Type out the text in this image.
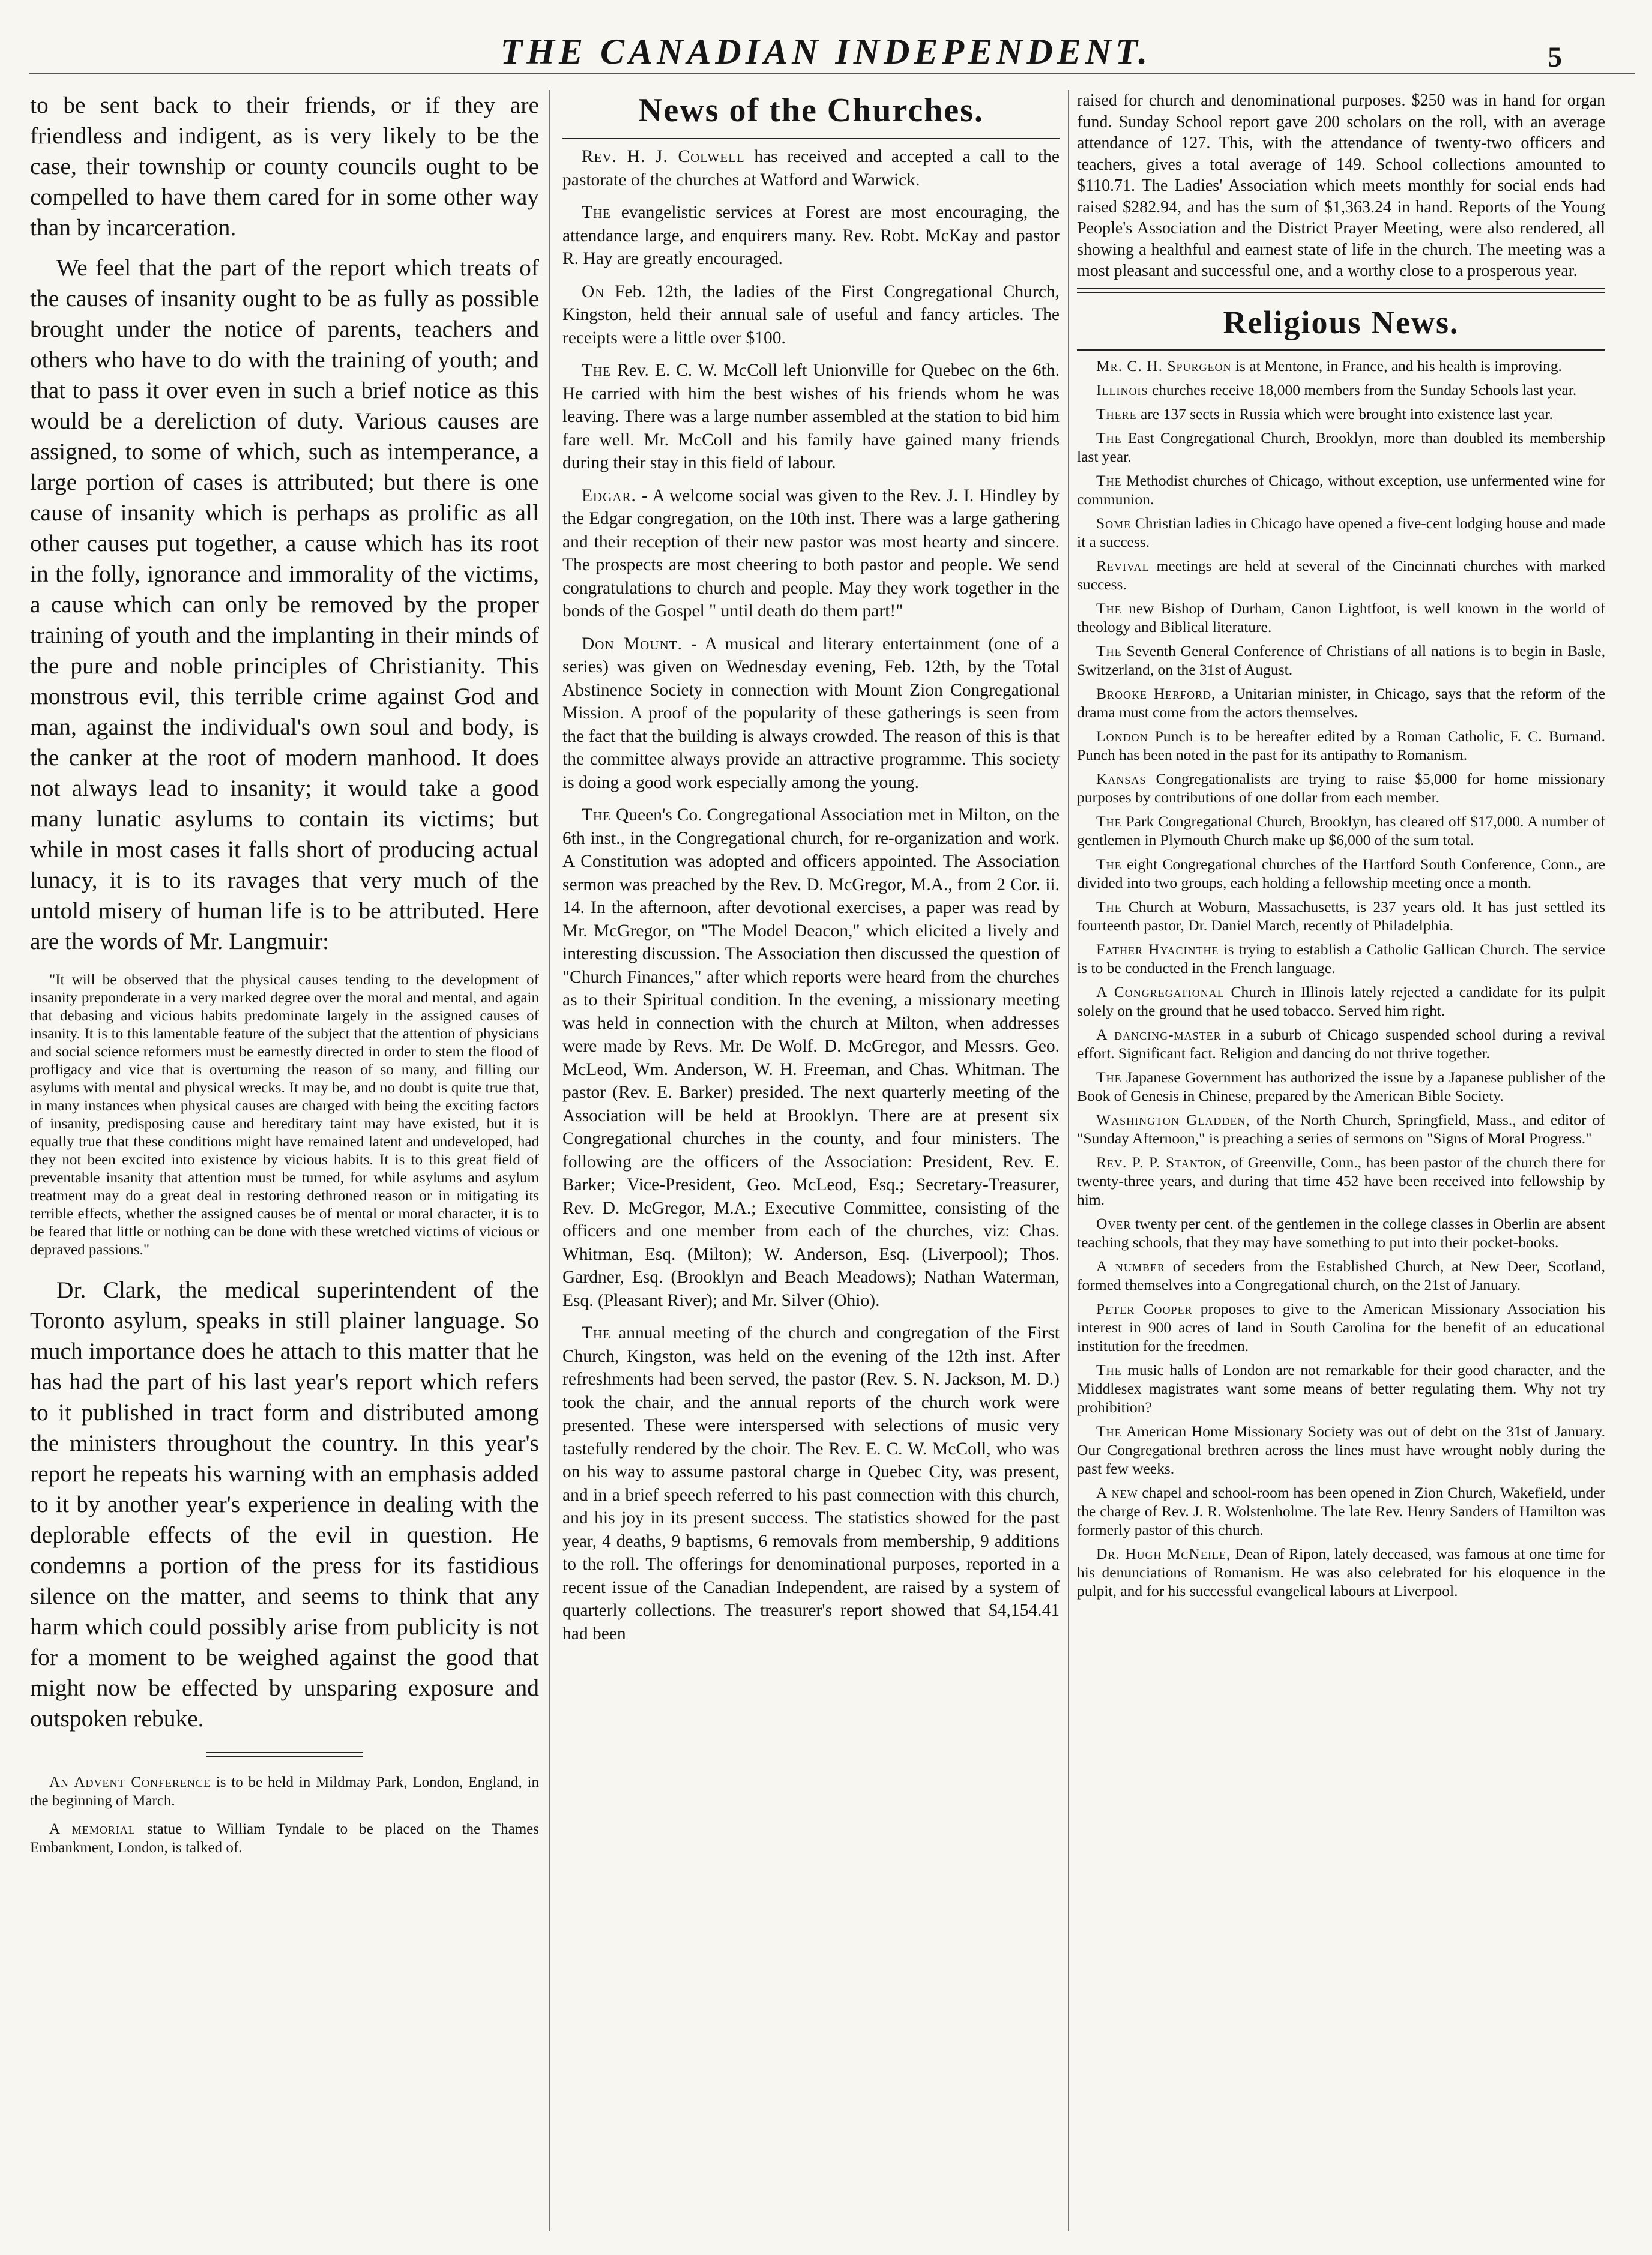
THE CANADIAN INDEPENDENT.	5

to be sent back to their friends, or if they are friendless and indigent, as is very likely to be the case, their township or county councils ought to be compelled to have them cared for in some other way than by incarceration.

We feel that the part of the report which treats of the causes of insanity ought to be as fully as possible brought under the notice of parents, teachers and others who have to do with the training of youth; and that to pass it over even in such a brief notice as this would be a dereliction of duty. Various causes are assigned, to some of which, such as intemperance, a large portion of cases is attributed; but there is one cause of insanity which is perhaps as prolific as all other causes put together, a cause which has its root in the folly, ignorance and immorality of the victims, a cause which can only be removed by the proper training of youth and the implanting in their minds of the pure and noble principles of Christianity. This monstrous evil, this terrible crime against God and man, against the individual's own soul and body, is the canker at the root of modern manhood. It does not always lead to insanity; it would take a good many lunatic asylums to contain its victims; but while in most cases it falls short of producing actual lunacy, it is to its ravages that very much of the untold misery of human life is to be attributed. Here are the words of Mr. Langmuir:

"It will be observed that the physical causes tending to the development of insanity preponderate in a very marked degree over the moral and mental, and again that debasing and vicious habits predominate largely in the assigned causes of insanity. It is to this lamentable feature of the subject that the attention of physicians and social science reformers must be earnestly directed in order to stem the flood of profligacy and vice that is overturning the reason of so many, and filling our asylums with mental and physical wrecks. It may be, and no doubt is quite true that, in many instances when physical causes are charged with being the exciting factors of insanity, predisposing cause and hereditary taint may have existed, but it is equally true that these conditions might have remained latent and undeveloped, had they not been excited into existence by vicious habits. It is to this great field of preventable insanity that attention must be turned, for while asylums and asylum treatment may do a great deal in restoring dethroned reason or in mitigating its terrible effects, whether the assigned causes be of mental or moral character, it is to be feared that little or nothing can be done with these wretched victims of vicious or depraved passions."

Dr. Clark, the medical superintendent of the Toronto asylum, speaks in still plainer language. So much importance does he attach to this matter that he has had the part of his last year's report which refers to it published in tract form and distributed among the ministers throughout the country. In this year's report he repeats his warning with an emphasis added to it by another year's experience in dealing with the deplorable effects of the evil in question. He condemns a portion of the press for its fastidious silence on the matter, and seems to think that any harm which could possibly arise from publicity is not for a moment to be weighed against the good that might now be effected by unsparing exposure and outspoken rebuke.

An Advent Conference is to be held in Mildmay Park, London, England, in the beginning of March.

A memorial statue to William Tyndale to be placed on the Thames Embankment, London, is talked of.

News of the Churches.

Rev. H. J. Colwell has received and accepted a call to the pastorate of the churches at Watford and Warwick.

The evangelistic services at Forest are most encouraging, the attendance large, and enquirers many. Rev. Robt. McKay and pastor R. Hay are greatly encouraged.

On Feb. 12th, the ladies of the First Congregational Church, Kingston, held their annual sale of useful and fancy articles. The receipts were a little over $100.

The Rev. E. C. W. McColl left Unionville for Quebec on the 6th. He carried with him the best wishes of his friends whom he was leaving. There was a large number assembled at the station to bid him fare well. Mr. McColl and his family have gained many friends during their stay in this field of labour.

Edgar. - A welcome social was given to the Rev. J. I. Hindley by the Edgar congregation, on the 10th inst. There was a large gathering and their reception of their new pastor was most hearty and sincere. The prospects are most cheering to both pastor and people. We send congratulations to church and people. May they work together in the bonds of the Gospel " until death do them part!"

Don Mount. - A musical and literary entertainment (one of a series) was given on Wednesday evening, Feb. 12th, by the Total Abstinence Society in connection with Mount Zion Congregational Mission. A proof of the popularity of these gatherings is seen from the fact that the building is always crowded. The reason of this is that the committee always provide an attractive programme. This society is doing a good work especially among the young.

The Queen's Co. Congregational Association met in Milton, on the 6th inst., in the Congregational church, for re-organization and work. A Constitution was adopted and officers appointed. The Association sermon was preached by the Rev. D. McGregor, M.A., from 2 Cor. ii. 14. In the afternoon, after devotional exercises, a paper was read by Mr. McGregor, on "The Model Deacon," which elicited a lively and interesting discussion. The Association then discussed the question of "Church Finances," after which reports were heard from the churches as to their Spiritual condition. In the evening, a missionary meeting was held in connection with the church at Milton, when addresses were made by Revs. Mr. De Wolf. D. McGregor, and Messrs. Geo. McLeod, Wm. Anderson, W. H. Freeman, and Chas. Whitman. The pastor (Rev. E. Barker) presided. The next quarterly meeting of the Association will be held at Brooklyn. There are at present six Congregational churches in the county, and four ministers. The following are the officers of the Association: President, Rev. E. Barker; Vice-President, Geo. McLeod, Esq.; Secretary-Treasurer, Rev. D. McGregor, M.A.; Executive Committee, consisting of the officers and one member from each of the churches, viz: Chas. Whitman, Esq. (Milton); W. Anderson, Esq. (Liverpool); Thos. Gardner, Esq. (Brooklyn and Beach Meadows); Nathan Waterman, Esq. (Pleasant River); and Mr. Silver (Ohio).

The annual meeting of the church and congregation of the First Church, Kingston, was held on the evening of the 12th inst. After refreshments had been served, the pastor (Rev. S. N. Jackson, M. D.) took the chair, and the annual reports of the church work were presented. These were interspersed with selections of music very tastefully rendered by the choir. The Rev. E. C. W. McColl, who was on his way to assume pastoral charge in Quebec City, was present, and in a brief speech referred to his past connection with this church, and his joy in its present success. The statistics showed for the past year, 4 deaths, 9 baptisms, 6 removals from membership, 9 additions to the roll. The offerings for denominational purposes, reported in a recent issue of the Canadian Independent, are raised by a system of quarterly collections. The treasurer's report showed that $4,154.41 had been

raised for church and denominational purposes. $250 was in hand for organ fund. Sunday School report gave 200 scholars on the roll, with an average attendance of 127. This, with the attendance of twenty-two officers and teachers, gives a total average of 149. School collections amounted to $110.71. The Ladies' Association which meets monthly for social ends had raised $282.94, and has the sum of $1,363.24 in hand. Reports of the Young People's Association and the District Prayer Meeting, were also rendered, all showing a healthful and earnest state of life in the church. The meeting was a most pleasant and successful one, and a worthy close to a prosperous year.

Religious News.

Mr. C. H. Spurgeon is at Mentone, in France, and his health is improving.

Illinois churches receive 18,000 members from the Sunday Schools last year.

There are 137 sects in Russia which were brought into existence last year.

The East Congregational Church, Brooklyn, more than doubled its membership last year.

The Methodist churches of Chicago, without exception, use unfermented wine for communion.

Some Christian ladies in Chicago have opened a five-cent lodging house and made it a success.

Revival meetings are held at several of the Cincinnati churches with marked success.

The new Bishop of Durham, Canon Lightfoot, is well known in the world of theology and Biblical literature.

The Seventh General Conference of Christians of all nations is to begin in Basle, Switzerland, on the 31st of August.

Brooke Herford, a Unitarian minister, in Chicago, says that the reform of the drama must come from the actors themselves.

London Punch is to be hereafter edited by a Roman Catholic, F. C. Burnand. Punch has been noted in the past for its antipathy to Romanism.

Kansas Congregationalists are trying to raise $5,000 for home missionary purposes by contributions of one dollar from each member.

The Park Congregational Church, Brooklyn, has cleared off $17,000. A number of gentlemen in Plymouth Church make up $6,000 of the sum total.

The eight Congregational churches of the Hartford South Conference, Conn., are divided into two groups, each holding a fellowship meeting once a month.

The Church at Woburn, Massachusetts, is 237 years old. It has just settled its fourteenth pastor, Dr. Daniel March, recently of Philadelphia.

Father Hyacinthe is trying to establish a Catholic Gallican Church. The service is to be conducted in the French language.

A Congregational Church in Illinois lately rejected a candidate for its pulpit solely on the ground that he used tobacco. Served him right.

A dancing-master in a suburb of Chicago suspended school during a revival effort. Significant fact. Religion and dancing do not thrive together.

The Japanese Government has authorized the issue by a Japanese publisher of the Book of Genesis in Chinese, prepared by the American Bible Society.

Washington Gladden, of the North Church, Springfield, Mass., and editor of "Sunday Afternoon," is preaching a series of sermons on "Signs of Moral Progress."

Rev. P. P. Stanton, of Greenville, Conn., has been pastor of the church there for twenty-three years, and during that time 452 have been received into fellowship by him.

Over twenty per cent. of the gentlemen in the college classes in Oberlin are absent teaching schools, that they may have something to put into their pocket-books.

A number of seceders from the Established Church, at New Deer, Scotland, formed themselves into a Congregational church, on the 21st of January.

Peter Cooper proposes to give to the American Missionary Association his interest in 900 acres of land in South Carolina for the benefit of an educational institution for the freedmen.

The music halls of London are not remarkable for their good character, and the Middlesex magistrates want some means of better regulating them. Why not try prohibition?

The American Home Missionary Society was out of debt on the 31st of January. Our Congregational brethren across the lines must have wrought nobly during the past few weeks.

A new chapel and school-room has been opened in Zion Church, Wakefield, under the charge of Rev. J. R. Wolstenholme. The late Rev. Henry Sanders of Hamilton was formerly pastor of this church.

Dr. Hugh McNeile, Dean of Ripon, lately deceased, was famous at one time for his denunciations of Romanism. He was also celebrated for his eloquence in the pulpit, and for his successful evangelical labours at Liverpool.
